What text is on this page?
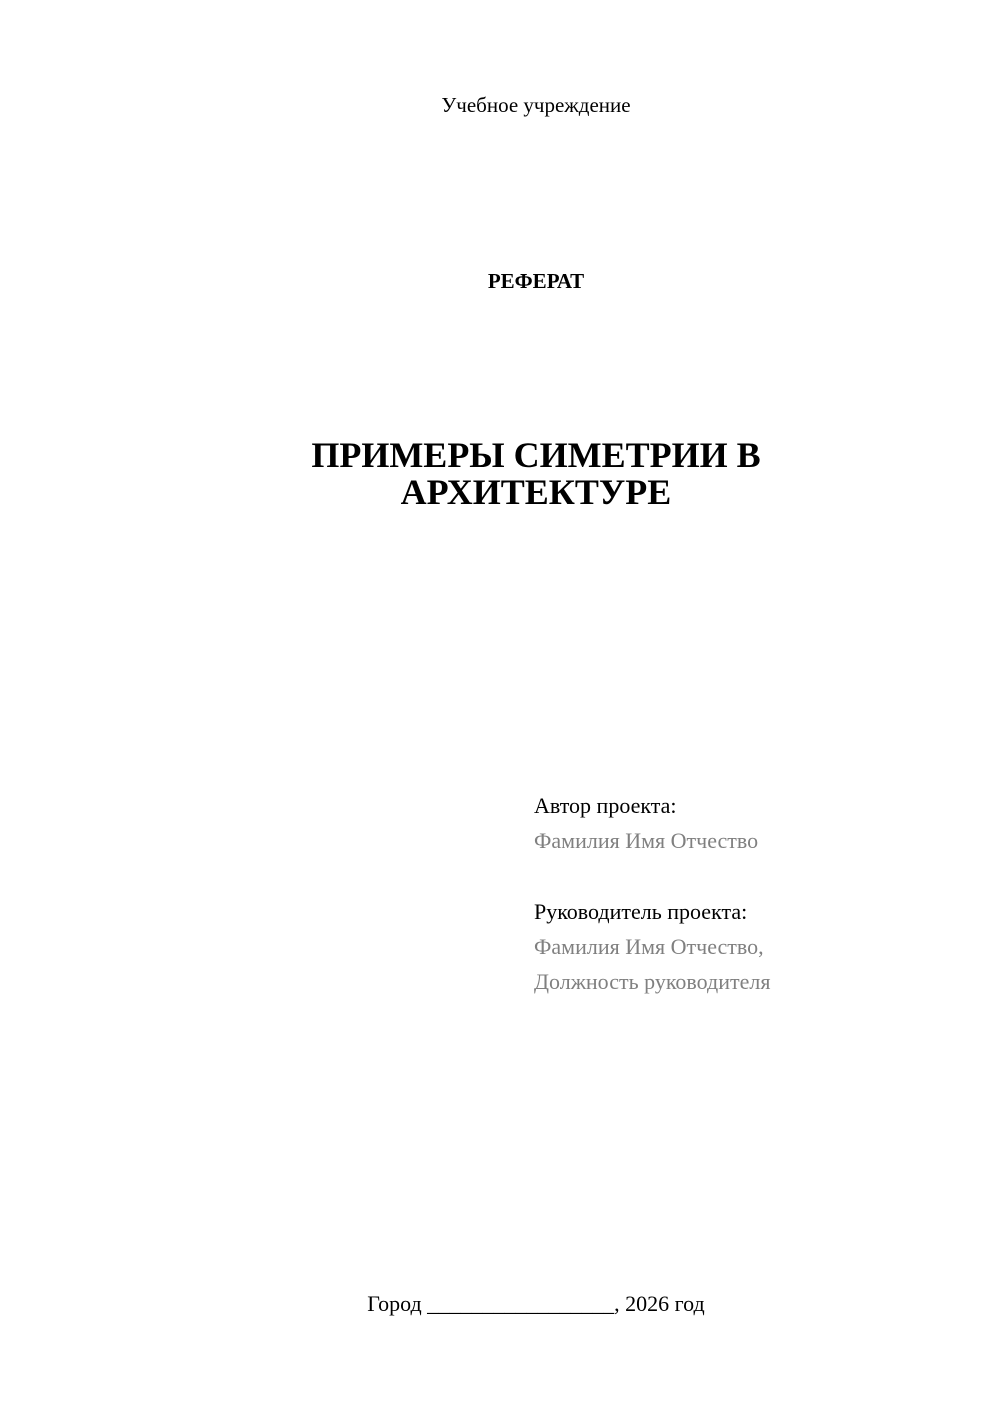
Учебное учреждение
РЕФЕРАТ
ПРИМЕРЫ СИМЕТРИИ В
АРХИТЕКТУРЕ
Автор проекта:
Фамилия Имя Отчество
Руководитель проекта:
Фамилия Имя Отчество,
Должность руководителя
Город _________________, 2026 год
